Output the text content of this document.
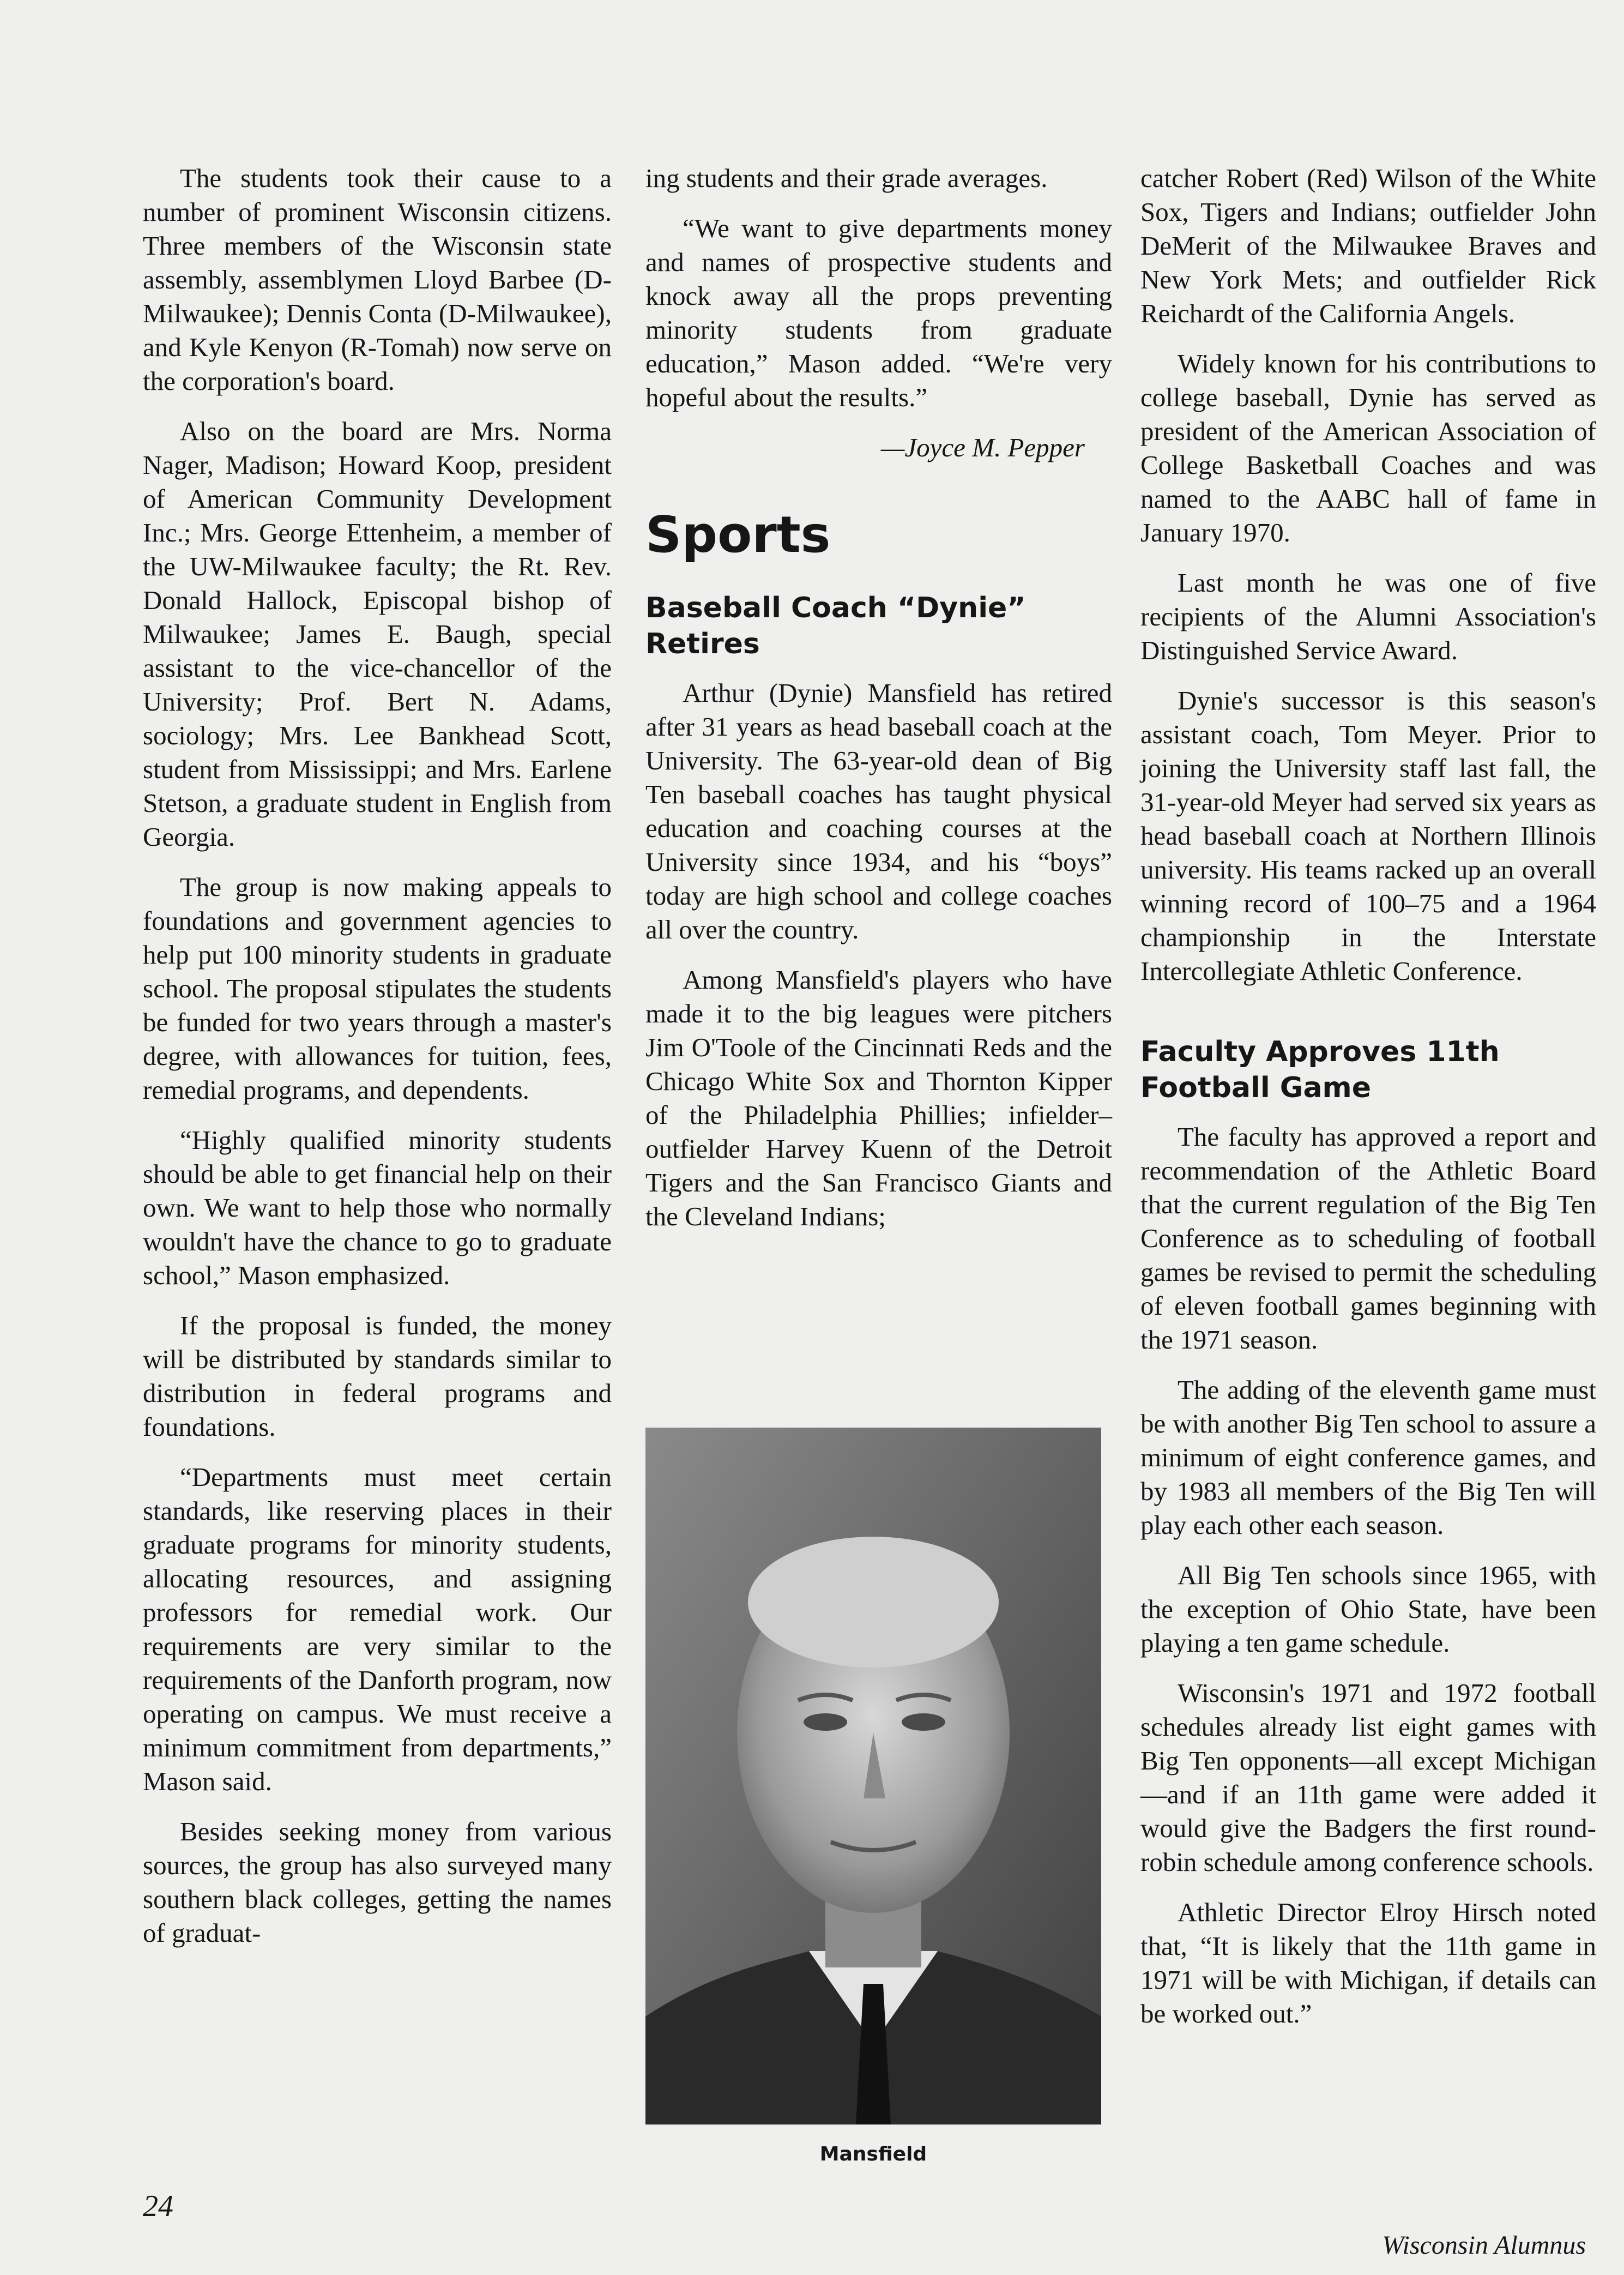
The students took their cause to a number of prominent Wisconsin citizens. Three members of the Wisconsin state assembly, assemblymen Lloyd Barbee (D-Milwaukee); Dennis Conta (D-Milwaukee), and Kyle Kenyon (R-Tomah) now serve on the corporation's board.

Also on the board are Mrs. Norma Nager, Madison; Howard Koop, president of American Community Development Inc.; Mrs. George Ettenheim, a member of the UW-Milwaukee faculty; the Rt. Rev. Donald Hallock, Episcopal bishop of Milwaukee; James E. Baugh, special assistant to the vice-chancellor of the University; Prof. Bert N. Adams, sociology; Mrs. Lee Bankhead Scott, student from Mississippi; and Mrs. Earlene Stetson, a graduate student in English from Georgia.

The group is now making appeals to foundations and government agencies to help put 100 minority students in graduate school. The proposal stipulates the students be funded for two years through a master's degree, with allowances for tuition, fees, remedial programs, and dependents.

“Highly qualified minority students should be able to get financial help on their own. We want to help those who normally wouldn't have the chance to go to graduate school,” Mason emphasized.

If the proposal is funded, the money will be distributed by standards similar to distribution in federal programs and foundations.

“Departments must meet certain standards, like reserving places in their graduate programs for minority students, allocating resources, and assigning professors for remedial work. Our requirements are very similar to the requirements of the Danforth program, now operating on campus. We must receive a minimum commitment from departments,” Mason said.

Besides seeking money from various sources, the group has also surveyed many southern black colleges, getting the names of graduat-

ing students and their grade averages.

“We want to give departments money and names of prospective students and knock away all the props preventing minority students from graduate education,” Mason added. “We're very hopeful about the results.”

—Joyce M. Pepper
Sports
Baseball Coach “Dynie” Retires

Arthur (Dynie) Mansfield has retired after 31 years as head baseball coach at the University. The 63-year-old dean of Big Ten baseball coaches has taught physical education and coaching courses at the University since 1934, and his “boys” today are high school and college coaches all over the country.

Among Mansfield's players who have made it to the big leagues were pitchers Jim O'Toole of the Cincinnati Reds and the Chicago White Sox and Thornton Kipper of the Philadelphia Phillies; infielder–outfielder Harvey Kuenn of the Detroit Tigers and the San Francisco Giants and the Cleveland Indians;

Mansfield

catcher Robert (Red) Wilson of the White Sox, Tigers and Indians; outfielder John DeMerit of the Milwaukee Braves and New York Mets; and outfielder Rick Reichardt of the California Angels.

Widely known for his contributions to college baseball, Dynie has served as president of the American Association of College Basketball Coaches and was named to the AABC hall of fame in January 1970.

Last month he was one of five recipients of the Alumni Association's Distinguished Service Award.

Dynie's successor is this season's assistant coach, Tom Meyer. Prior to joining the University staff last fall, the 31-year-old Meyer had served six years as head baseball coach at Northern Illinois university. His teams racked up an overall winning record of 100–75 and a 1964 championship in the Interstate Intercollegiate Athletic Conference.

Faculty Approves 11th Football Game

The faculty has approved a report and recommendation of the Athletic Board that the current regulation of the Big Ten Conference as to scheduling of football games be revised to permit the scheduling of eleven football games beginning with the 1971 season.

The adding of the eleventh game must be with another Big Ten school to assure a minimum of eight conference games, and by 1983 all members of the Big Ten will play each other each season.

All Big Ten schools since 1965, with the exception of Ohio State, have been playing a ten game schedule.

Wisconsin's 1971 and 1972 football schedules already list eight games with Big Ten opponents—all except Michigan—and if an 11th game were added it would give the Badgers the first round-robin schedule among conference schools.

Athletic Director Elroy Hirsch noted that, “It is likely that the 11th game in 1971 will be with Michigan, if details can be worked out.”

24
Wisconsin Alumnus
